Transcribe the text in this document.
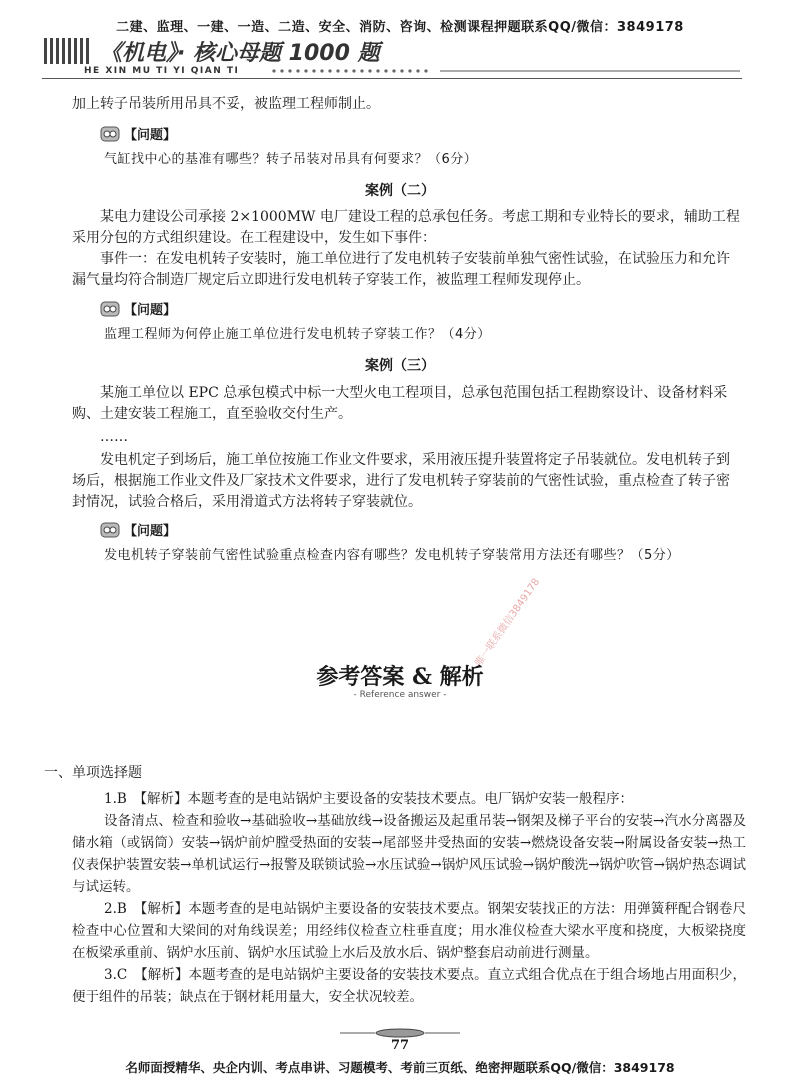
二建、监理、一建、一造、二造、安全、消防、咨询、检测课程押题联系QQ/微信：3849178
《机电》· 核心母题 1000 题
HE XIN MU TI YI QIAN TI
加上转子吊装所用吊具不妥，被监理工程师制止。
【问题】
气缸找中心的基准有哪些？转子吊装对吊具有何要求？（6分）
案例（二）
某电力建设公司承接 2×1000MW 电厂建设工程的总承包任务。考虑工期和专业特长的要求，辅助工程采用分包的方式组织建设。在工程建设中，发生如下事件：
事件一：在发电机转子安装时，施工单位进行了发电机转子安装前单独气密性试验，在试验压力和允许漏气量均符合制造厂规定后立即进行发电机转子穿装工作，被监理工程师发现停止。
【问题】
监理工程师为何停止施工单位进行发电机转子穿装工作？（4分）
案例（三）
某施工单位以 EPC 总承包模式中标一大型火电工程项目，总承包范围包括工程勘察设计、设备材料采购、土建安装工程施工，直至验收交付生产。
……
发电机定子到场后，施工单位按施工作业文件要求，采用液压提升装置将定子吊装就位。发电机转子到场后，根据施工作业文件及厂家技术文件要求，进行了发电机转子穿装前的气密性试验，重点检查了转子密封情况，试验合格后，采用滑道式方法将转子穿装就位。
【问题】
发电机转子穿装前气密性试验重点检查内容有哪些？发电机转子穿装常用方法还有哪些？（5分）
唯一联系微信3849178
参考答案 & 解析
- Reference answer -
一、单项选择题
1.B　【解析】本题考查的是电站锅炉主要设备的安装技术要点。电厂锅炉安装一般程序：
设备清点、检查和验收→基础验收→基础放线→设备搬运及起重吊装→钢架及梯子平台的安装→汽水分离器及储水箱（或锅筒）安装→锅炉前炉膛受热面的安装→尾部竖井受热面的安装→燃烧设备安装→附属设备安装→热工仪表保护装置安装→单机试运行→报警及联锁试验→水压试验→锅炉风压试验→锅炉酸洗→锅炉吹管→锅炉热态调试与试运转。
2.B　【解析】本题考查的是电站锅炉主要设备的安装技术要点。钢架安装找正的方法：用弹簧秤配合钢卷尺检查中心位置和大梁间的对角线误差；用经纬仪检查立柱垂直度；用水准仪检查大梁水平度和挠度，大板梁挠度在板梁承重前、锅炉水压前、锅炉水压试验上水后及放水后、锅炉整套启动前进行测量。
3.C　【解析】本题考查的是电站锅炉主要设备的安装技术要点。直立式组合优点在于组合场地占用面积少，便于组件的吊装；缺点在于钢材耗用量大，安全状况较差。
77
名师面授精华、央企内训、考点串讲、习题模考、考前三页纸、绝密押题联系QQ/微信：3849178
